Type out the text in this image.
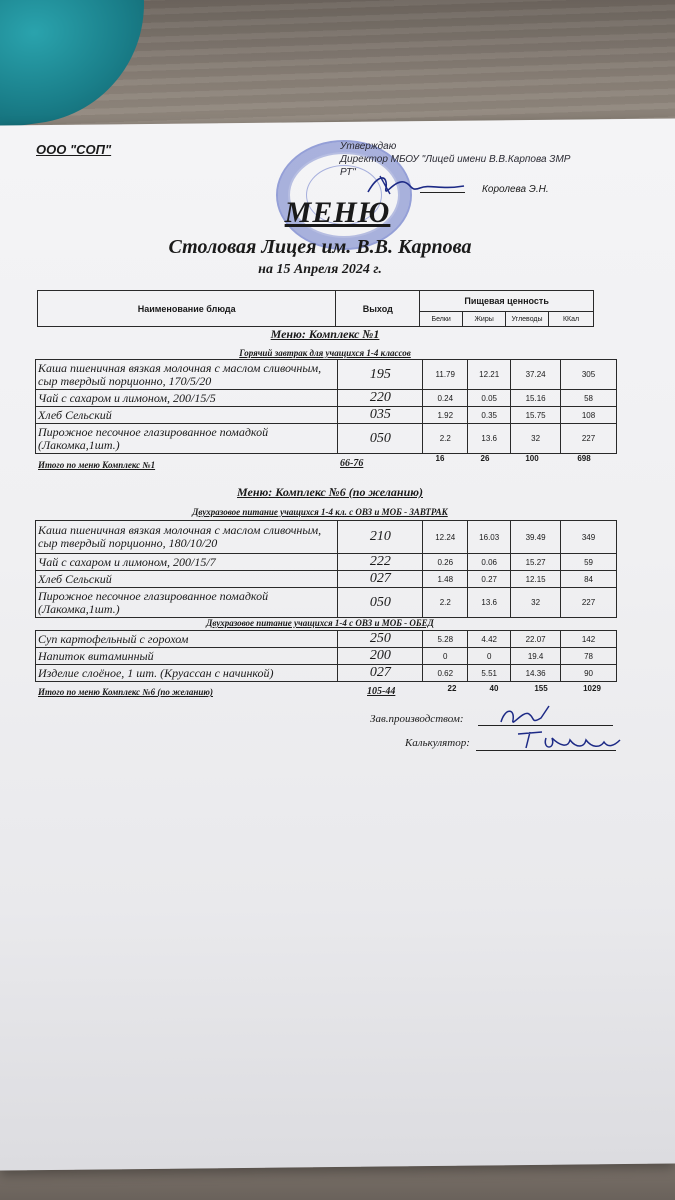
ООО "СОП"	Утверждаю
Директор МБОУ "Лицей имени В.В.Карпова ЗМР
РТ"
Королева Э.Н.
МЕНЮ
Столовая Лицея им. В.В. Карпова
на 15 Апреля 2024 г.
Наименование блюда	Выход	Пищевая ценность			
		Белки	Жиры	Углеводы	ККал
Меню: Комплекс №1
Горячий завтрак для учащихся 1-4 классов
Каша пшеничная вязкая молочная с маслом сливочным, сыр твердый порционно, 170/5/20	195	11.79	12.21	37.24	305
Чай с сахаром и лимоном, 200/15/5	220	0.24	0.05	15.16	58
Хлеб Сельский	035	1.92	0.35	15.75	108
Пирожное песочное глазированное помадкой (Лакомка,1шт.)	050	2.2	13.6	32	227
Итого по меню Комплекс №1	66-76	16	26	100	698
Меню: Комплекс №6 (по желанию)
Двухразовое питание учащихся 1-4 кл. с ОВЗ и МОБ - ЗАВТРАК
Каша пшеничная вязкая молочная с маслом сливочным, сыр твердый порционно, 180/10/20	210	12.24	16.03	39.49	349
Чай с сахаром и лимоном, 200/15/7	222	0.26	0.06	15.27	59
Хлеб Сельский	027	1.48	0.27	12.15	84
Пирожное песочное глазированное помадкой (Лакомка,1шт.)	050	2.2	13.6	32	227
Двухразовое питание учащихся 1-4 с ОВЗ и МОБ - ОБЕД
Суп картофельный с горохом	250	5.28	4.42	22.07	142
Напиток витаминный	200	0	0	19.4	78
Изделие слоёное, 1 шт. (Круассан с начинкой)	027	0.62	5.51	14.36	90
Итого по меню Комплекс №6 (по желанию)	105-44	22	40	155	1029
Зав.производством:
Калькулятор:
